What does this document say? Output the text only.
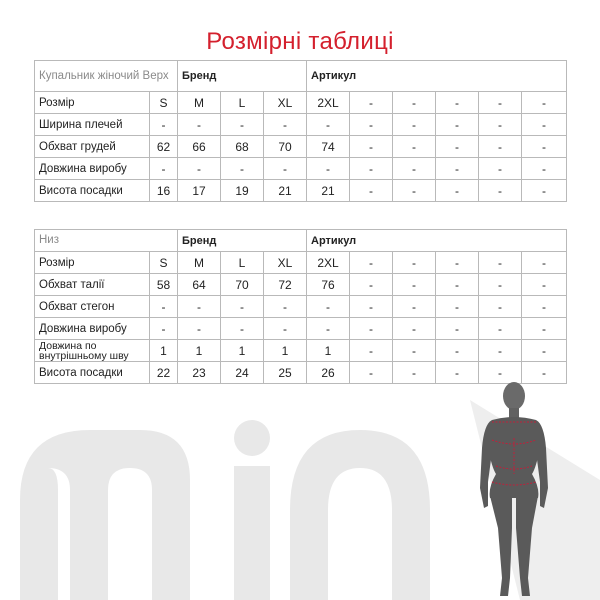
Розмірні таблиці
Купальник жіночий Верх		Бренд			Артикул					
Розмір	S	M	L	XL	2XL	-	-	-	-	-
Ширина плечей	-	-	-	-	-	-	-	-	-	-
Обхват грудей	62	66	68	70	74	-	-	-	-	-
Довжина виробу	-	-	-	-	-	-	-	-	-	-
Висота посадки	16	17	19	21	21	-	-	-	-	-
Низ		Бренд			Артикул					
Розмір	S	M	L	XL	2XL	-	-	-	-	-
Обхват талії	58	64	70	72	76	-	-	-	-	-
Обхват стегон	-	-	-	-	-	-	-	-	-	-
Довжина виробу	-	-	-	-	-	-	-	-	-	-
Довжина по внутрішньому шву	1	1	1	1	1	-	-	-	-	-
Висота посадки	22	23	24	25	26	-	-	-	-	-
